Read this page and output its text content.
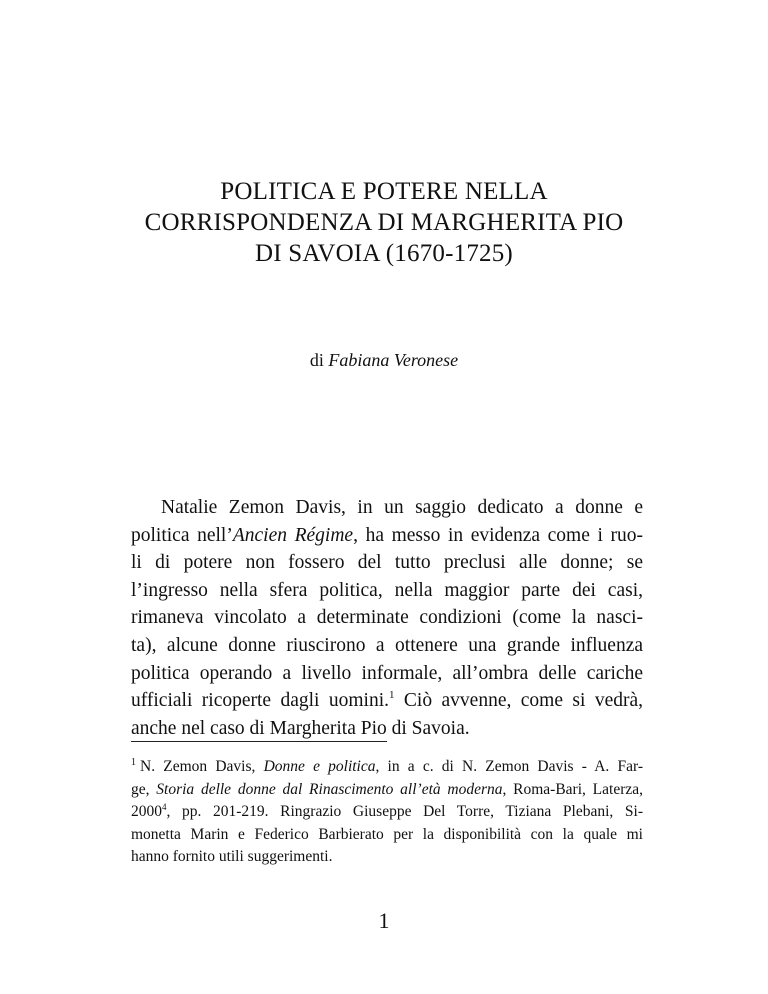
POLITICA E POTERE NELLA
CORRISPONDENZA DI MARGHERITA PIO
DI SAVOIA (1670-1725)
di Fabiana Veronese
Natalie Zemon Davis, in un saggio dedicato a donne e
politica nell’Ancien Régime, ha messo in evidenza come i ruo-
li di potere non fossero del tutto preclusi alle donne; se
l’ingresso nella sfera politica, nella maggior parte dei casi,
rimaneva vincolato a determinate condizioni (come la nasci-
ta), alcune donne riuscirono a ottenere una grande influenza
politica operando a livello informale, all’ombra delle cariche
ufficiali ricoperte dagli uomini.$^1$ Ciò avvenne, come si vedrà,
anche nel caso di Margherita Pio di Savoia.
$^1$ N. Zemon Davis, Donne e politica, in a c. di N. Zemon Davis - A. Far-
ge, Storia delle donne dal Rinascimento all’età moderna, Roma-Bari, Laterza,
2000$^4$, pp. 201-219. Ringrazio Giuseppe Del Torre, Tiziana Plebani, Si-
monetta Marin e Federico Barbierato per la disponibilità con la quale mi
hanno fornito utili suggerimenti.
1
